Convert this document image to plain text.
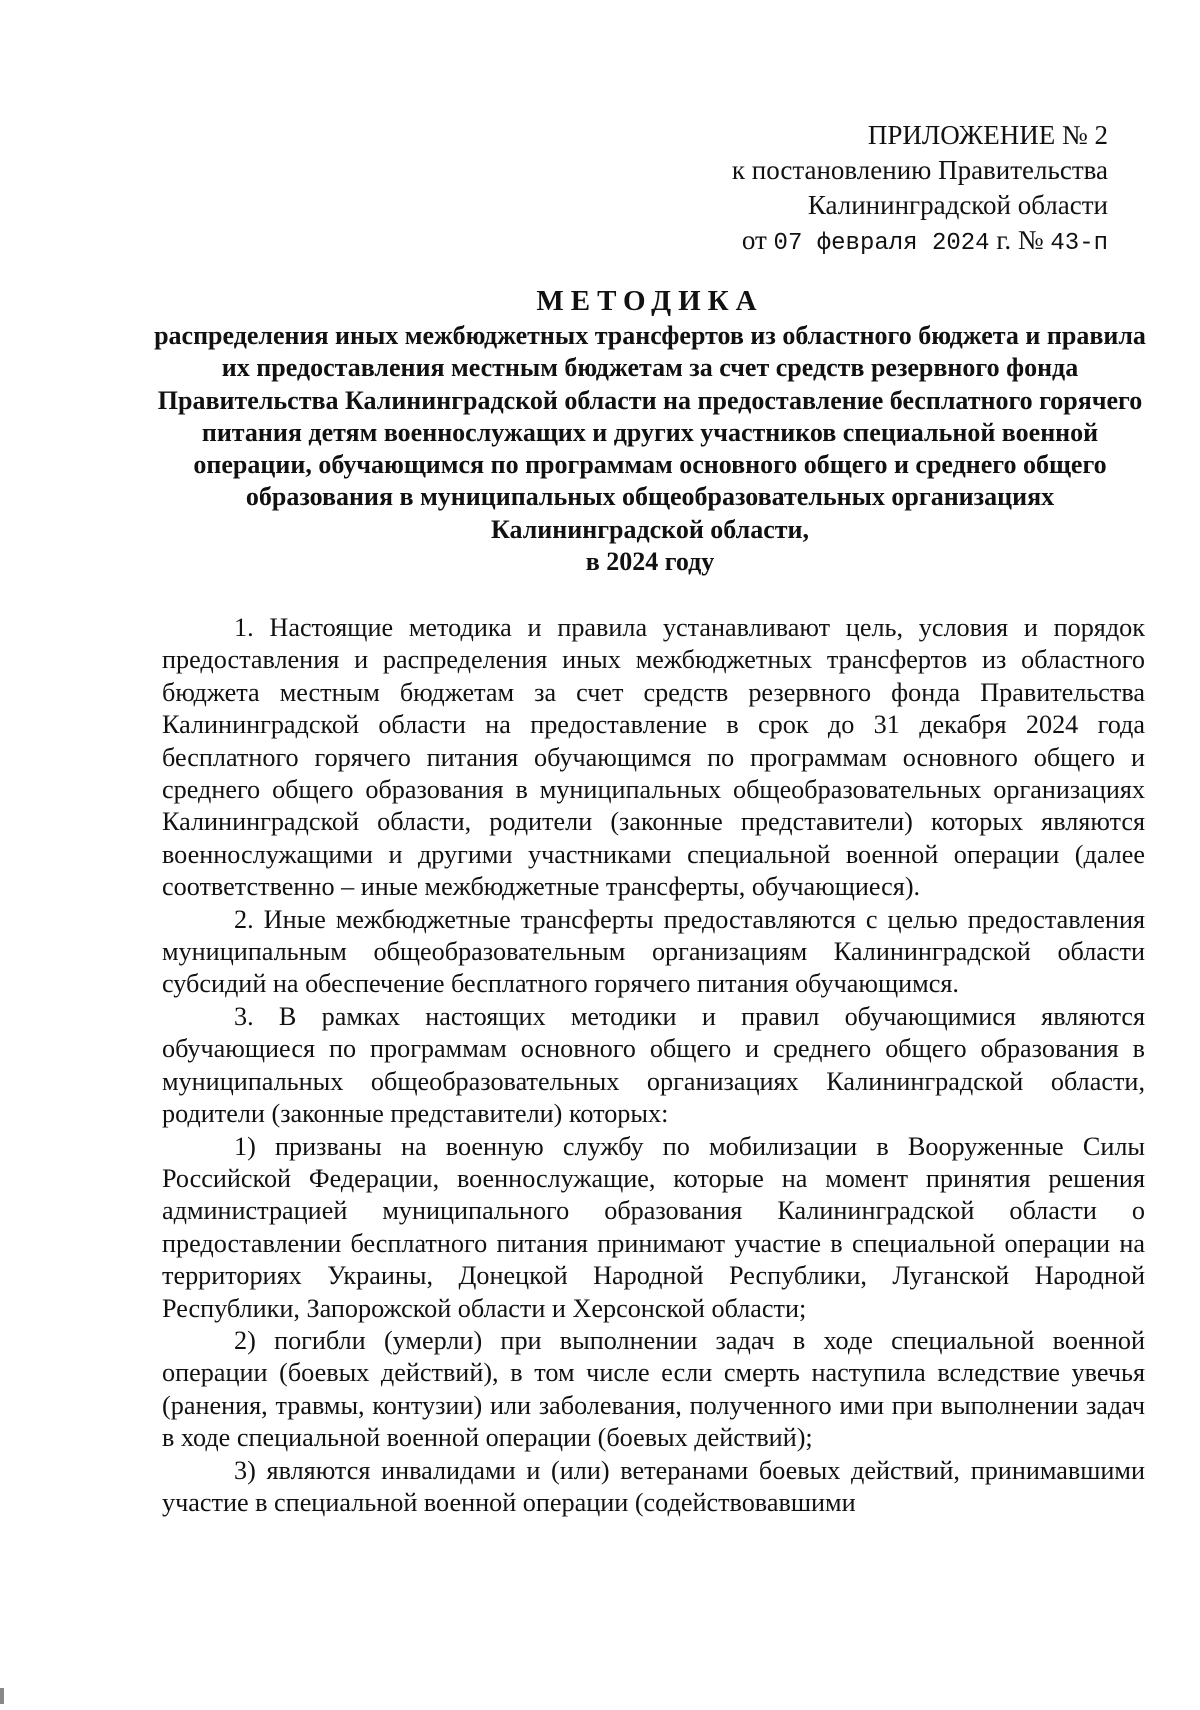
ПРИЛОЖЕНИЕ № 2
к постановлению Правительства
Калининградской области
от 07 февраля 2024 г. № 43-п
МЕТОДИКА
распределения иных межбюджетных трансфертов из областного бюджета и правила их предоставления местным бюджетам за счет средств резервного фонда Правительства Калининградской области на предоставление бесплатного горячего питания детям военнослужащих и других участников специальной военной операции, обучающимся по программам основного общего и среднего общего образования в муниципальных общеобразовательных организациях Калининградской области,
в 2024 году

1. Настоящие методика и правила устанавливают цель, условия и порядок предоставления и распределения иных межбюджетных трансфертов из областного бюджета местным бюджетам за счет средств резервного фонда Правительства Калининградской области на предоставление в срок до 31 декабря 2024 года бесплатного горячего питания обучающимся по программам основного общего и среднего общего образования в муниципальных общеобразовательных организациях Калининградской области, родители (законные представители) которых являются военнослужащими и другими участниками специальной военной операции (далее соответственно – иные межбюджетные трансферты, обучающиеся).

2. Иные межбюджетные трансферты предоставляются с целью предоставления муниципальным общеобразовательным организациям Калининградской области субсидий на обеспечение бесплатного горячего питания обучающимся.

3. В рамках настоящих методики и правил обучающимися являются обучающиеся по программам основного общего и среднего общего образования в муниципальных общеобразовательных организациях Калининградской области, родители (законные представители) которых:

1) призваны на военную службу по мобилизации в Вооруженные Силы Российской Федерации, военнослужащие, которые на момент принятия решения администрацией муниципального образования Калининградской области о предоставлении бесплатного питания принимают участие в специальной операции на территориях Украины, Донецкой Народной Республики, Луганской Народной Республики, Запорожской области и Херсонской области;

2) погибли (умерли) при выполнении задач в ходе специальной военной операции (боевых действий), в том числе если смерть наступила вследствие увечья (ранения, травмы, контузии) или заболевания, полученного ими при выполнении задач в ходе специальной военной операции (боевых действий);

3) являются инвалидами и (или) ветеранами боевых действий, принимавшими участие в специальной военной операции (содействовавшими
